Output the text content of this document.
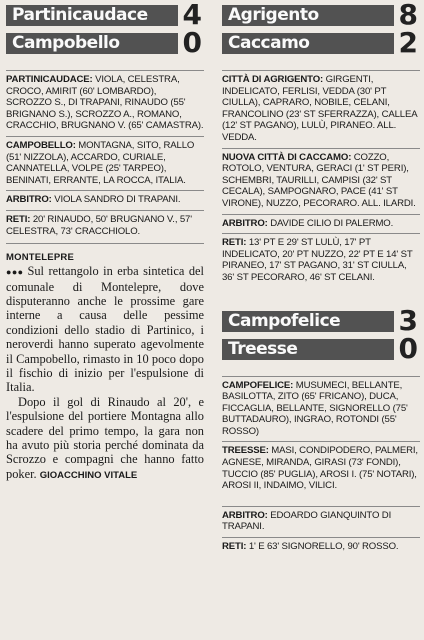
Partinicaudace 4
Campobello 0

PARTINICAUDACE: VIOLA, CELESTRA, CROCO, AMIRIT (60' LOMBARDO), SCROZZO S., DI TRAPANI, RINAUDO (55' BRIGNANO S.), SCROZZO A., ROMANO, CRACCHIO, BRUGNANO V. (65' CAMASTRA).

CAMPOBELLO: MONTAGNA, SITO, RALLO (51' NIZZOLA), ACCARDO, CURIALE, CANNATELLA, VOLPE (25' TARPEO), BENINATI, ERRANTE, LA ROCCA, ITALIA.

ARBITRO: VIOLA SANDRO DI TRAPANI.

RETI: 20' RINAUDO, 50' BRUGNANO V., 57' CELESTRA, 73' CRACCHIOLO.

MONTELEPRE

●●● Sul rettangolo in erba sintetica del comunale di Montelepre, dove disputeranno anche le prossime gare interne a causa delle pessime condizioni dello stadio di Partinico, i neroverdi hanno superato agevolmente il Campobello, rimasto in 10 poco dopo il fischio di inizio per l'espulsione di Italia.

Dopo il gol di Rinaudo al 20', e l'espulsione del portiere Montagna allo scadere del primo tempo, la gara non ha avuto più storia perché dominata da Scrozzo e compagni che hanno fatto poker. GIOACCHINO VITALE

Agrigento	8
Caccamo	2

CITTÀ DI AGRIGENTO: GIRGENTI, INDELICATO, FERLISI, VEDDA (30' PT CIULLA), CAPRARO, NOBILE, CELANI, FRANCOLINO (23' ST SFERRAZZA), CALLEA (12' ST PAGANO), LULÙ, PIRANEO. ALL. VEDDA.

NUOVA CITTÀ DI CACCAMO: COZZO, ROTOLO, VENTURA, GERACI (1' ST PERI), SCHEMBRI, TAURILLI, CAMPISI (32' ST CECALA), SAMPOGNARO, PACE (41' ST VIRONE), NUZZO, PECORARO. ALL. ILARDI.

ARBITRO: DAVIDE CILIO DI PALERMO.

RETI: 13' PT E 29' ST LULÙ, 17' PT INDELICATO, 20' PT NUZZO, 22' PT E 14' ST PIRANEO, 17' ST PAGANO, 31' ST CIULLA, 36' ST PECORARO, 46' ST CELANI.

Campofelice 3
Treesse	0

CAMPOFELICE: MUSUMECI, BELLANTE, BASILOTTA, ZITO (65' FRICANO), DUCA, FICCAGLIA, BELLANTE, SIGNORELLO (75' BUTTADAURO), INGRAO, ROTONDI (55' ROSSO)

TREESSE: MASI, CONDIPODERO, PALMERI, AGNESE, MIRANDA, GIRASI (73' FONDI), TUCCIO (85' PUGLIA), AROSI I. (75' NOTARI), AROSI II, INDAIMO, VILICI.

ARBITRO: EDOARDO GIANQUINTO DI TRAPANI.

RETI: 1' E 63' SIGNORELLO, 90' ROSSO.
